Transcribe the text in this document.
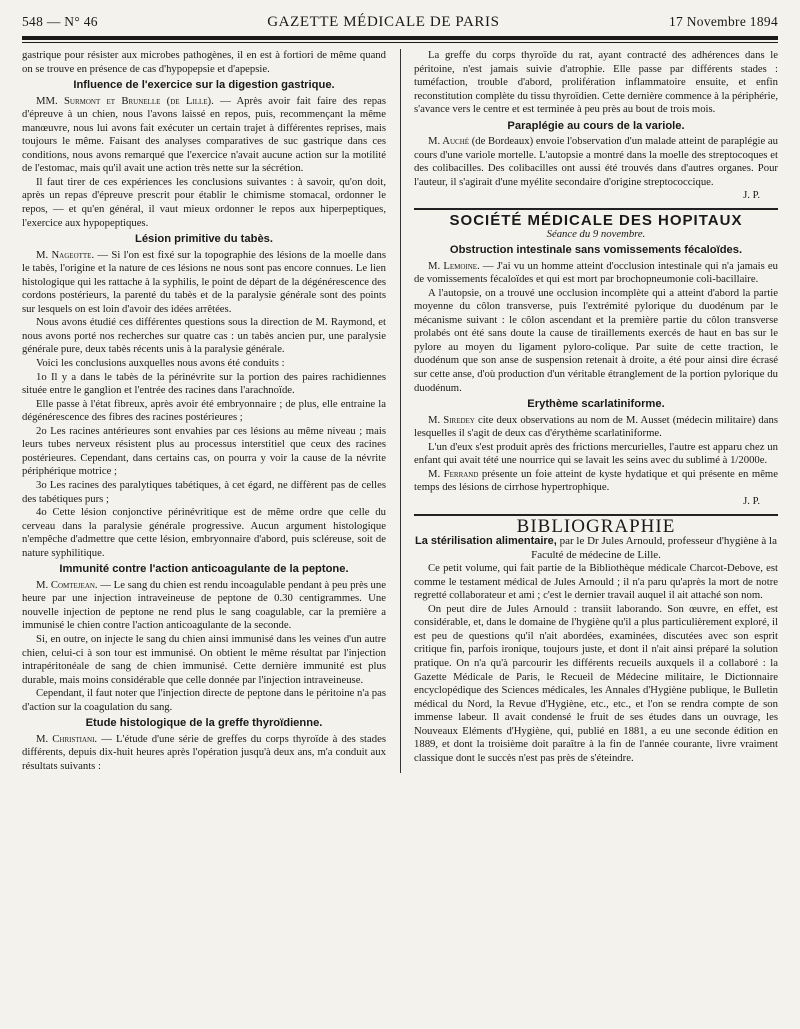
548 — N° 46	GAZETTE MÉDICALE DE PARIS	17 Novembre 1894

gastrique pour résister aux microbes pathogènes, il en est à fortiori de même quand on se trouve en présence de cas d'hypopepsie et d'apepsie.

Influence de l'exercice sur la digestion gastrique.

MM. Surmont et Brunelle (de Lille). — Après avoir fait faire des repas d'épreuve à un chien, nous l'avons laissé en repos, puis, recommençant la même manœuvre, nous lui avons fait exécuter un certain trajet à différentes reprises, mais toujours le même. Faisant des analyses comparatives de suc gastrique dans ces conditions, nous avons remarqué que l'exercice n'avait aucune action sur la motilité de l'estomac, mais qu'il avait une action très nette sur la sécrétion.

Il faut tirer de ces expériences les conclusions suivantes : à savoir, qu'on doit, après un repas d'épreuve prescrit pour établir le chimisme stomacal, ordonner le repos, — et qu'en général, il vaut mieux ordonner le repos aux hiperpeptiques, l'exercice aux hypopeptiques.

Lésion primitive du tabès.

M. Nageotte. — Si l'on est fixé sur la topographie des lésions de la moelle dans le tabès, l'origine et la nature de ces lésions ne nous sont pas encore connues. Le lien histologique qui les rattache à la syphilis, le point de départ de la dégénérescence des cordons postérieurs, la parenté du tabès et de la paralysie générale sont des points sur lesquels on est loin d'avoir des idées arrêtées.

Nous avons étudié ces différentes questions sous la direction de M. Raymond, et nous avons porté nos recherches sur quatre cas : un tabès ancien pur, une paralysie générale pure, deux tabès récents unis à la paralysie générale.

Voici les conclusions auxquelles nous avons été conduits :

1o Il y a dans le tabès de la périnévrite sur la portion des paires rachidiennes située entre le ganglion et l'entrée des racines dans l'arachnoïde.

Elle passe à l'état fibreux, après avoir été embryonnaire ; de plus, elle entraine la dégénérescence des fibres des racines postérieures ;

2o Les racines antérieures sont envahies par ces lésions au même niveau ; mais leurs tubes nerveux résistent plus au processus interstitiel que ceux des racines postérieures. Cependant, dans certains cas, on pourra y voir la cause de la névrite périphérique motrice ;

3o Les racines des paralytiques tabétiques, à cet égard, ne diffèrent pas de celles des tabétiques purs ;

4o Cette lésion conjonctive périnévritique est de même ordre que celle du cerveau dans la paralysie générale progressive. Aucun argument histologique n'empêche d'admettre que cette lésion, embryonnaire d'abord, puis scléreuse, soit de nature syphilitique.

Immunité contre l'action anticoagulante de la peptone.

M. Comtejean. — Le sang du chien est rendu incoagulable pendant à peu près une heure par une injection intraveineuse de peptone de 0.30 centigrammes. Une nouvelle injection de peptone ne rend plus le sang coagulable, car la première a immunisé le chien contre l'action anticoagulante de la seconde.

Si, en outre, on injecte le sang du chien ainsi immunisé dans les veines d'un autre chien, celui-ci à son tour est immunisé. On obtient le même résultat par l'injection intrapéritonéale de sang de chien immunisé. Cette dernière immunité est plus durable, mais moins considérable que celle donnée par l'injection intraveineuse.

Cependant, il faut noter que l'injection directe de peptone dans le péritoine n'a pas d'action sur la coagulation du sang.

Etude histologique de la greffe thyroïdienne.

M. Christiani. — L'étude d'une série de greffes du corps thyroïde à des stades différents, depuis dix-huit heures après l'opération jusqu'à deux ans, m'a conduit aux résultats suivants :

La greffe du corps thyroïde du rat, ayant contracté des adhérences dans le péritoine, n'est jamais suivie d'atrophie. Elle passe par différents stades : tuméfaction, trouble d'abord, prolifération inflammatoire ensuite, et enfin reconstitution complète du tissu thyroïdien. Cette dernière commence à la périphérie, s'avance vers le centre et est terminée à peu près au bout de trois mois.

Paraplégie au cours de la variole.

M. Auché (de Bordeaux) envoie l'observation d'un malade atteint de paraplégie au cours d'une variole mortelle. L'autopsie a montré dans la moelle des streptocoques et des colibacilles. Des colibacilles ont aussi été trouvés dans d'autres organes. Pour l'auteur, il s'agirait d'une myélite secondaire d'origine streptococcique.

J. P.

SOCIÉTÉ MÉDICALE DES HOPITAUX

Séance du 9 novembre.

Obstruction intestinale sans vomissements fécaloïdes.

M. Lemoine. — J'ai vu un homme atteint d'occlusion intestinale qui n'a jamais eu de vomissements fécaloïdes et qui est mort par brochopneumonie coli-bacillaire.

A l'autopsie, on a trouvé une occlusion incomplète qui a atteint d'abord la partie moyenne du côlon transverse, puis l'extrémité pylorique du duodénum par le mécanisme suivant : le côlon ascendant et la première partie du côlon transverse prolabés ont été sans doute la cause de tiraillements exercés de haut en bas sur le pylore au moyen du ligament pyloro-colique. Par suite de cette traction, le duodénum que son anse de suspension retenait à droite, a été pour ainsi dire écrasé sur cette anse, d'où production d'un véritable étranglement de la portion pylorique du duodénum.

Erythème scarlatiniforme.

M. Siredey cite deux observations au nom de M. Ausset (médecin militaire) dans lesquelles il s'agit de deux cas d'érythème scarlatiniforme.

L'un d'eux s'est produit après des frictions mercurielles, l'autre est apparu chez un enfant qui avait tété une nourrice qui se lavait les seins avec du sublimé à 1/2000e.

M. Ferrand présente un foie atteint de kyste hydatique et qui présente en même temps des lésions de cirrhose hypertrophique.

J. P.

BIBLIOGRAPHIE

La stérilisation alimentaire, par le Dr Jules Arnould, professeur d'hygiène à la Faculté de médecine de Lille.

Ce petit volume, qui fait partie de la Bibliothèque médicale Charcot-Debove, est comme le testament médical de Jules Arnould ; il n'a paru qu'après la mort de notre regretté collaborateur et ami ; c'est le dernier travail auquel il ait attaché son nom.

On peut dire de Jules Arnould : transiit laborando. Son œuvre, en effet, est considérable, et, dans le domaine de l'hygiène qu'il a plus particulièrement exploré, il est peu de questions qu'il n'ait abordées, examinées, discutées avec son esprit critique fin, parfois ironique, toujours juste, et dont il n'ait ainsi préparé la solution pratique. On n'a qu'à parcourir les différents recueils auxquels il a collaboré : la Gazette Médicale de Paris, le Recueil de Médecine militaire, le Dictionnaire encyclopédique des Sciences médicales, les Annales d'Hygiène publique, le Bulletin médical du Nord, la Revue d'Hygiène, etc., etc., et l'on se rendra compte de son immense labeur. Il avait condensé le fruit de ses études dans un ouvrage, les Nouveaux Eléments d'Hygiène, qui, publié en 1881, a eu une seconde édition en 1889, et dont la troisième doit paraître à la fin de l'année courante, livre vraiment classique dont le succès n'est pas près de s'éteindre.
